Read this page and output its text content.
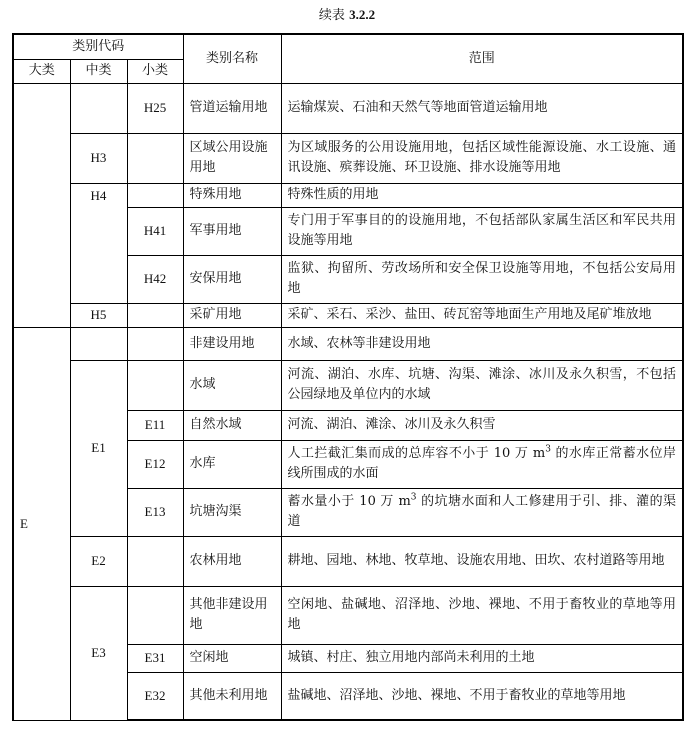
续表 3.2.2
类别代码			类别名称	范围
大类	中类	小类		
		H25	管道运输用地	运输煤炭、石油和天然气等地面管道运输用地
	H3		区域公用设施用地	为区域服务的公用设施用地，包括区域性能源设施、水工设施、通讯设施、殡葬设施、环卫设施、排水设施等用地
	H4		特殊用地	特殊性质的用地
		H41	军事用地	专门用于军事目的的设施用地，不包括部队家属生活区和军民共用设施等用地
		H42	安保用地	监狱、拘留所、劳改场所和安全保卫设施等用地，不包括公安局用地
	H5		采矿用地	采矿、采石、采沙、盐田、砖瓦窑等地面生产用地及尾矿堆放地
E			非建设用地	水域、农林等非建设用地
	E1		水域	河流、湖泊、水库、坑塘、沟渠、滩涂、冰川及永久积雪，不包括公园绿地及单位内的水域
		E11	自然水域	河流、湖泊、滩涂、冰川及永久积雪
		E12	水库	人工拦截汇集而成的总库容不小于 10 万 $m^3$ 的水库正常蓄水位岸线所围成的水面
		E13	坑塘沟渠	蓄水量小于 10 万 $m^3$ 的坑塘水面和人工修建用于引、排、灌的渠道
	E2		农林用地	耕地、园地、林地、牧草地、设施农用地、田坎、农村道路等用地
	E3		其他非建设用地	空闲地、盐碱地、沼泽地、沙地、裸地、不用于畜牧业的草地等用地
		E31	空闲地	城镇、村庄、独立用地内部尚未利用的土地
		E32	其他未利用地	盐碱地、沼泽地、沙地、裸地、不用于畜牧业的草地等用地
